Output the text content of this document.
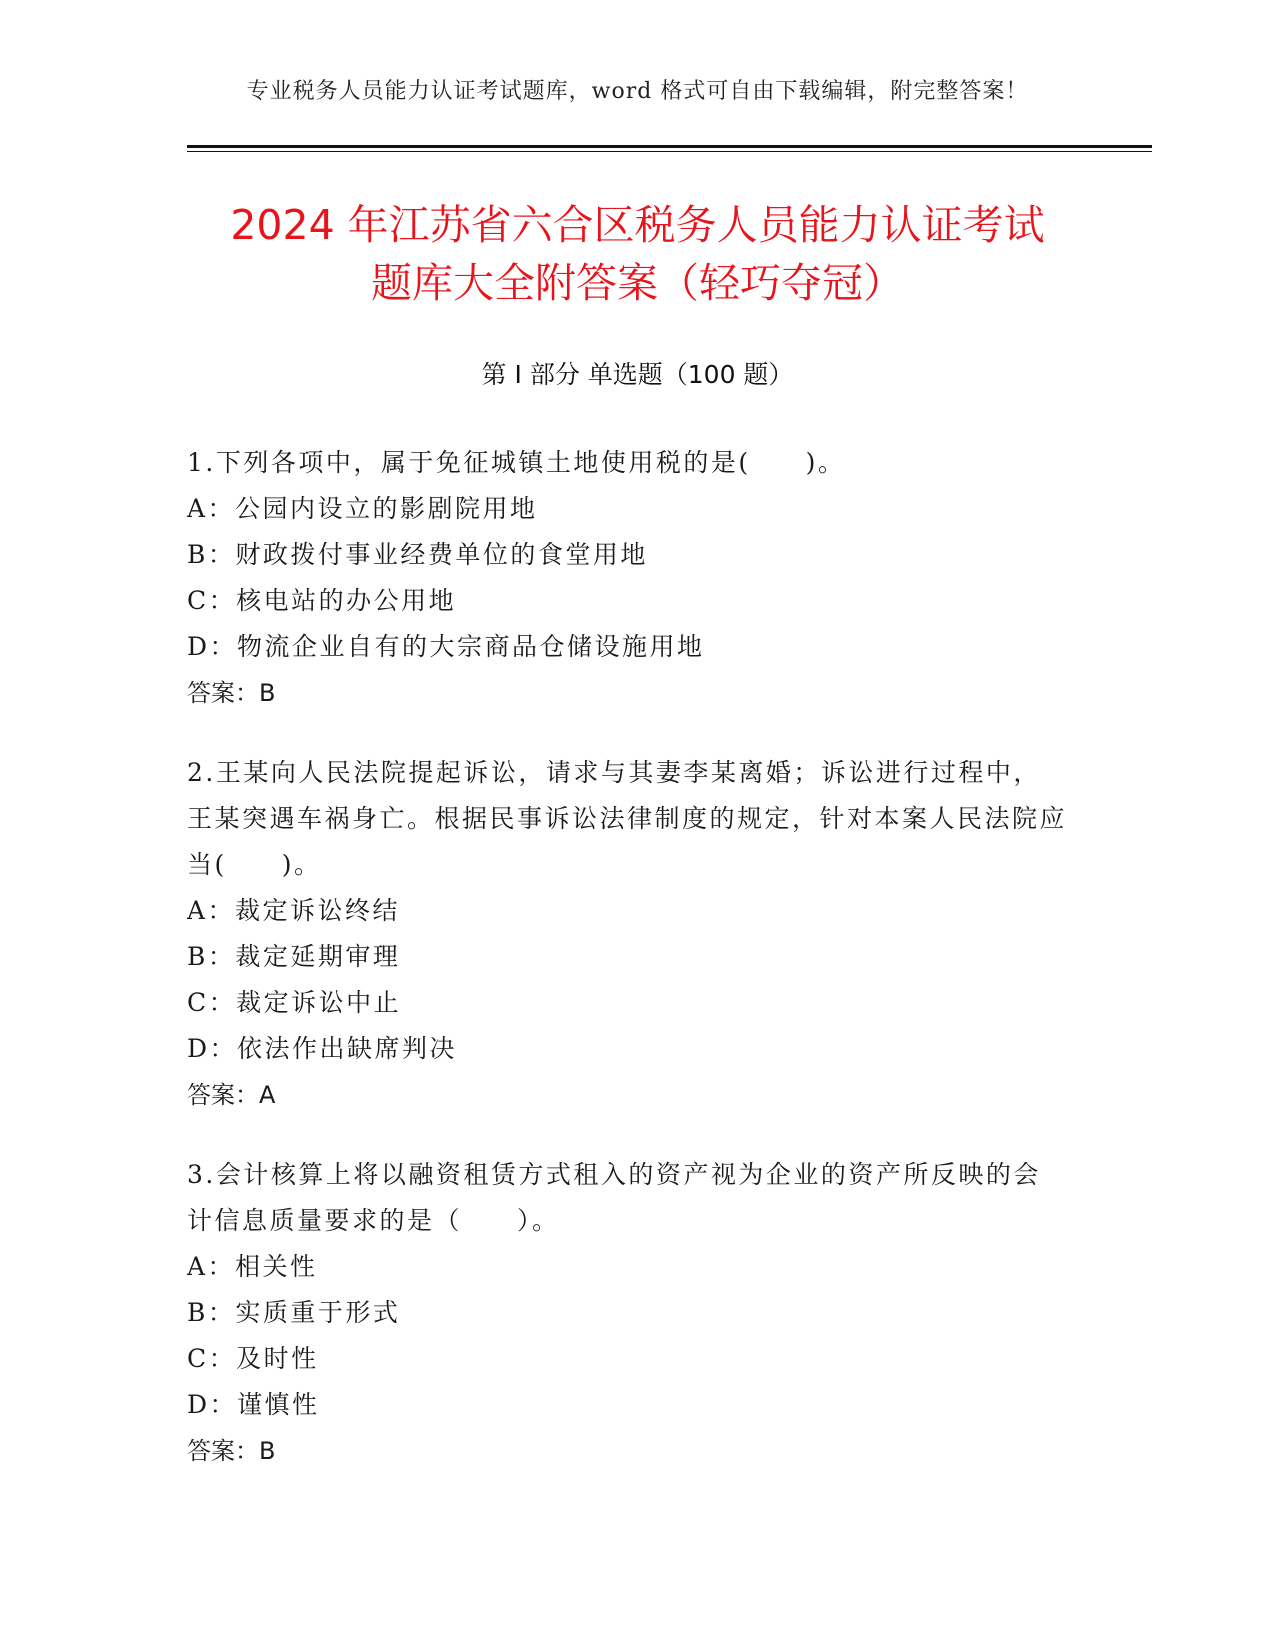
专业税务人员能力认证考试题库，word 格式可自由下载编辑，附完整答案！
2024 年江苏省六合区税务人员能力认证考试
题库大全附答案（轻巧夺冠）
第 I 部分 单选题（100 题）

1.下列各项中，属于免征城镇土地使用税的是(　　)。

A：公园内设立的影剧院用地

B：财政拨付事业经费单位的食堂用地

C：核电站的办公用地

D：物流企业自有的大宗商品仓储设施用地

答案：B

2.王某向人民法院提起诉讼，请求与其妻李某离婚；诉讼进行过程中，王某突遇车祸身亡。根据民事诉讼法律制度的规定，针对本案人民法院应当(　　)。

A：裁定诉讼终结

B：裁定延期审理

C：裁定诉讼中止

D：依法作出缺席判决

答案：A

3.会计核算上将以融资租赁方式租入的资产视为企业的资产所反映的会计信息质量要求的是（　　）。

A：相关性

B：实质重于形式

C：及时性

D：谨慎性

答案：B
